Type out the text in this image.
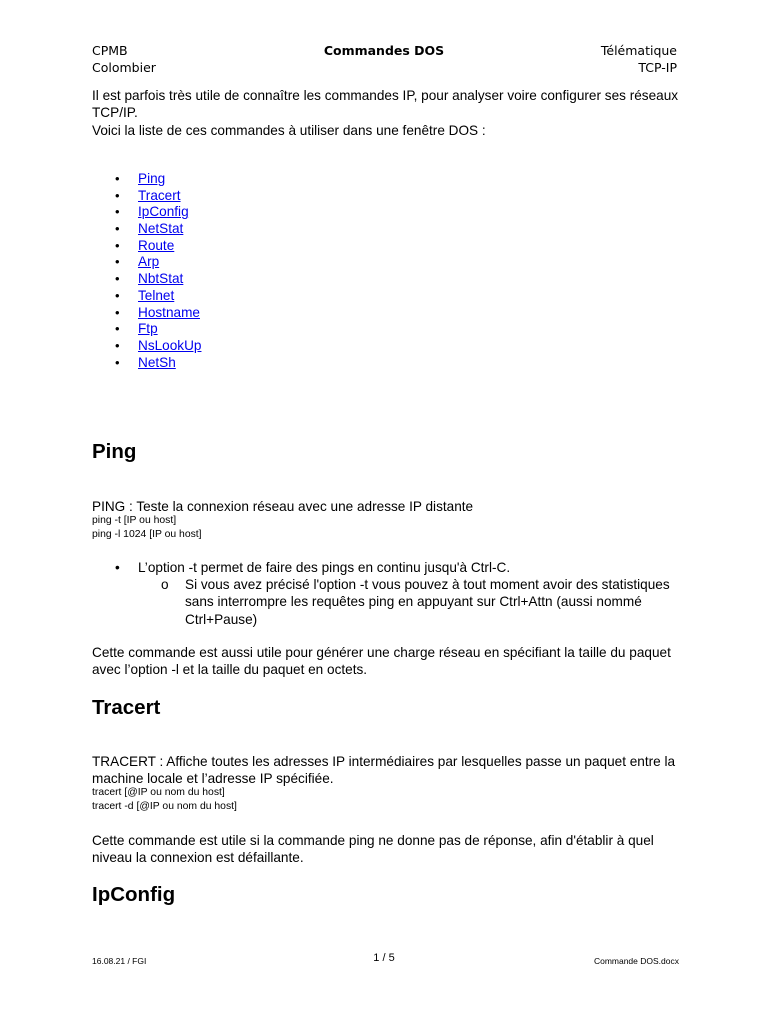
CPMB
Colombier
Commandes DOS	Télématique
TCP-IP
Il est parfois très utile de connaître les commandes IP, pour analyser voire configurer ses réseaux TCP/IP.
Voici la liste de ces commandes à utiliser dans une fenêtre DOS :
• Ping
• Tracert
• IpConfig
• NetStat
• Route
• Arp
• NbtStat
• Telnet
• Hostname
• Ftp
• NsLookUp
• NetSh
Ping
PING : Teste la connexion réseau avec une adresse IP distante
ping -t [IP ou host]
ping -l 1024 [IP ou host]
• L’option -t permet de faire des pings en continu jusqu'à Ctrl-C.
o Si vous avez précisé l'option -t vous pouvez à tout moment avoir des statistiques sans interrompre les requêtes ping en appuyant sur Ctrl+Attn (aussi nommé Ctrl+Pause)
Cette commande est aussi utile pour générer une charge réseau en spécifiant la taille du paquet avec l’option -l et la taille du paquet en octets.
Tracert
TRACERT : Affiche toutes les adresses IP intermédiaires par lesquelles passe un paquet entre la machine locale et l’adresse IP spécifiée.
tracert [@IP ou nom du host]
tracert -d [@IP ou nom du host]
Cette commande est utile si la commande ping ne donne pas de réponse, afin d'établir à quel niveau la connexion est défaillante.
IpConfig
16.08.21 / FGI	1 / 5	Commande DOS.docx
